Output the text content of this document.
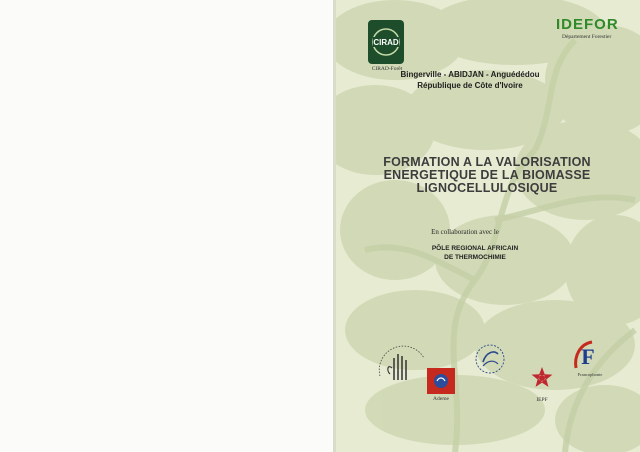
CIRAD
CIRAD-Forêt
IDEFOR
Département Forestier
Bingerville - ABIDJAN - Anguédédou
République de Côte d'Ivoire
FORMATION A LA VALORISATION
ENERGETIQUE DE LA BIOMASSE
LIGNOCELLULOSIQUE
En collaboration avec le
PÔLE REGIONAL AFRICAIN
DE THERMOCHIMIE
Ademe	IEPF
F
Francophonie
